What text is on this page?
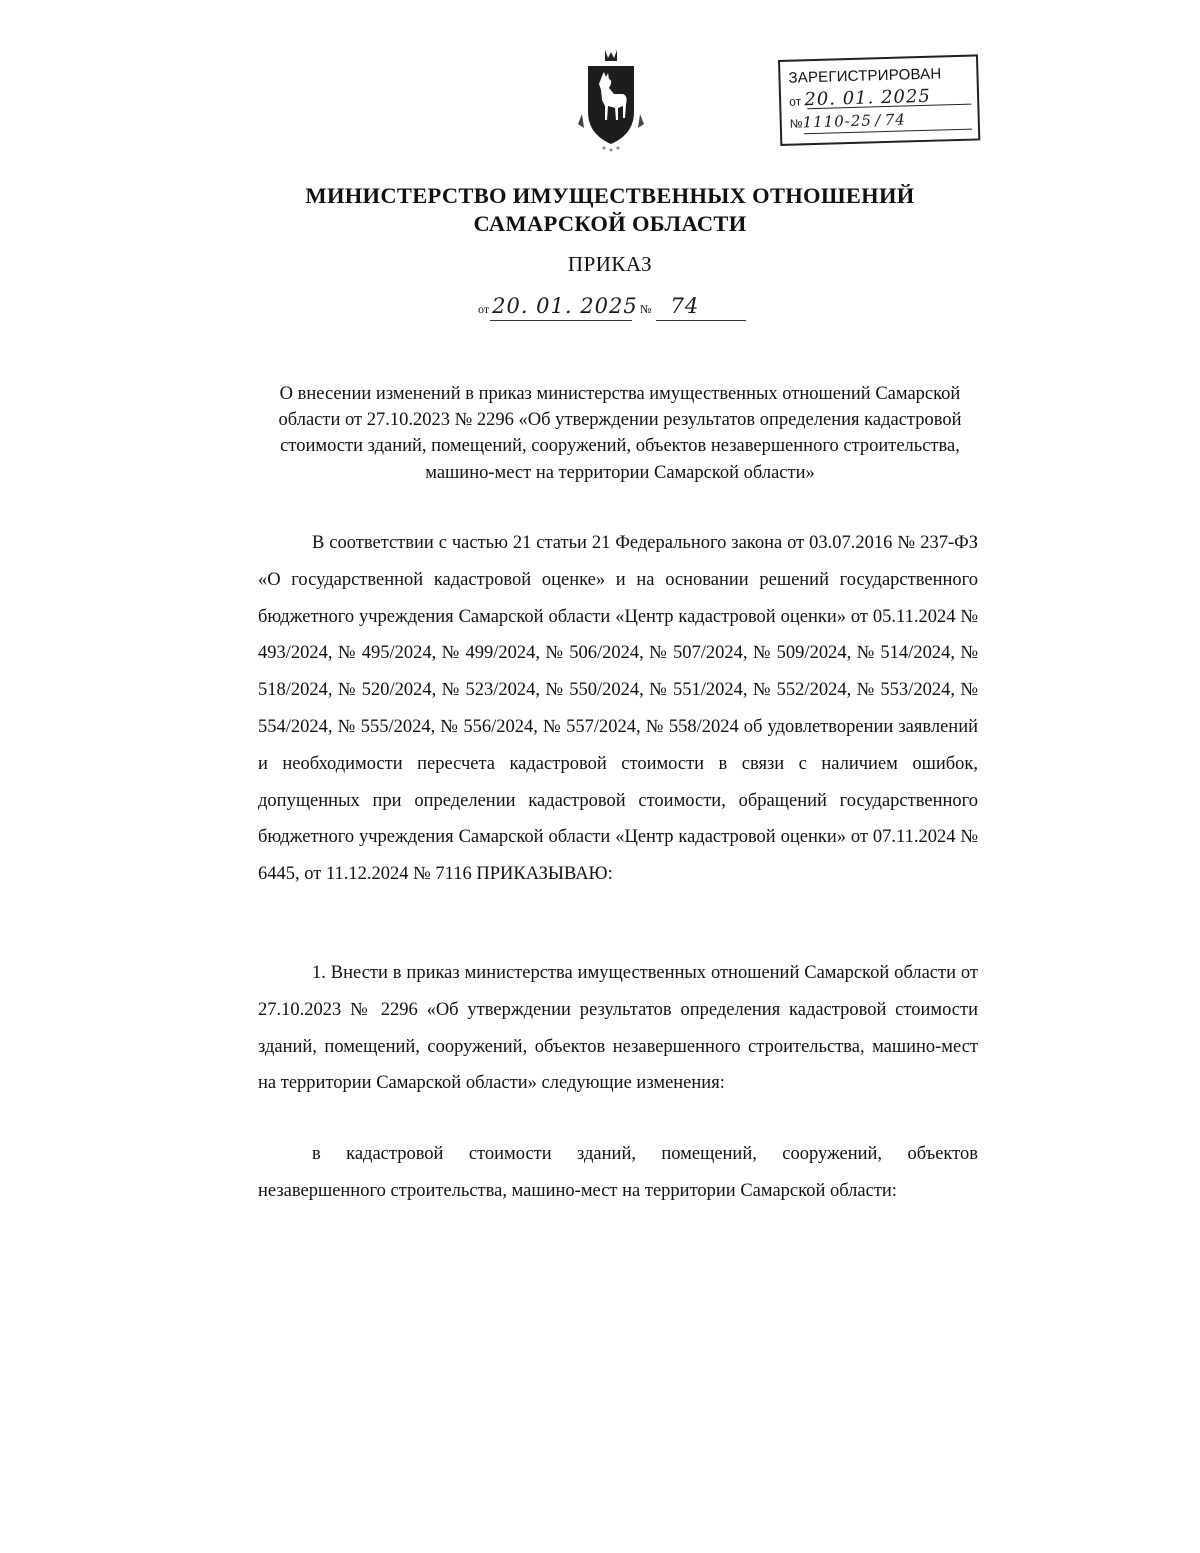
ЗАРЕГИСТРИРОВАН
от 20. 01. 2025
№1110-25 / 74
МИНИСТЕРСТВО ИМУЩЕСТВЕННЫХ ОТНОШЕНИЙ
САМАРСКОЙ ОБЛАСТИ
ПРИКАЗ
от 20. 01. 2025 № 74
О внесении изменений в приказ министерства имущественных отношений Самарской области от 27.10.2023 № 2296 «Об утверждении результатов определения кадастровой стоимости зданий, помещений, сооружений, объектов незавершенного строительства, машино-мест на территории Самарской области»
В соответствии с частью 21 статьи 21 Федерального закона от 03.07.2016 № 237-ФЗ «О государственной кадастровой оценке» и на основании решений государственного бюджетного учреждения Самарской области «Центр кадастровой оценки» от 05.11.2024 № 493/2024, № 495/2024, № 499/2024, № 506/2024, № 507/2024, № 509/2024, № 514/2024, № 518/2024, № 520/2024, № 523/2024, № 550/2024, № 551/2024, № 552/2024, № 553/2024, № 554/2024, № 555/2024, № 556/2024, № 557/2024, № 558/2024 об удовлетворении заявлений и необходимости пересчета кадастровой стоимости в связи с наличием ошибок, допущенных при определении кадастровой стоимости, обращений государственного бюджетного учреждения Самарской области «Центр кадастровой оценки» от 07.11.2024 № 6445, от 11.12.2024 № 7116 ПРИКАЗЫВАЮ:
1. Внести в приказ министерства имущественных отношений Самарской области от 27.10.2023 № 2296 «Об утверждении результатов определения кадастровой стоимости зданий, помещений, сооружений, объектов незавершенного строительства, машино-мест на территории Самарской области» следующие изменения:
в кадастровой стоимости зданий, помещений, сооружений, объектов незавершенного строительства, машино-мест на территории Самарской области:
